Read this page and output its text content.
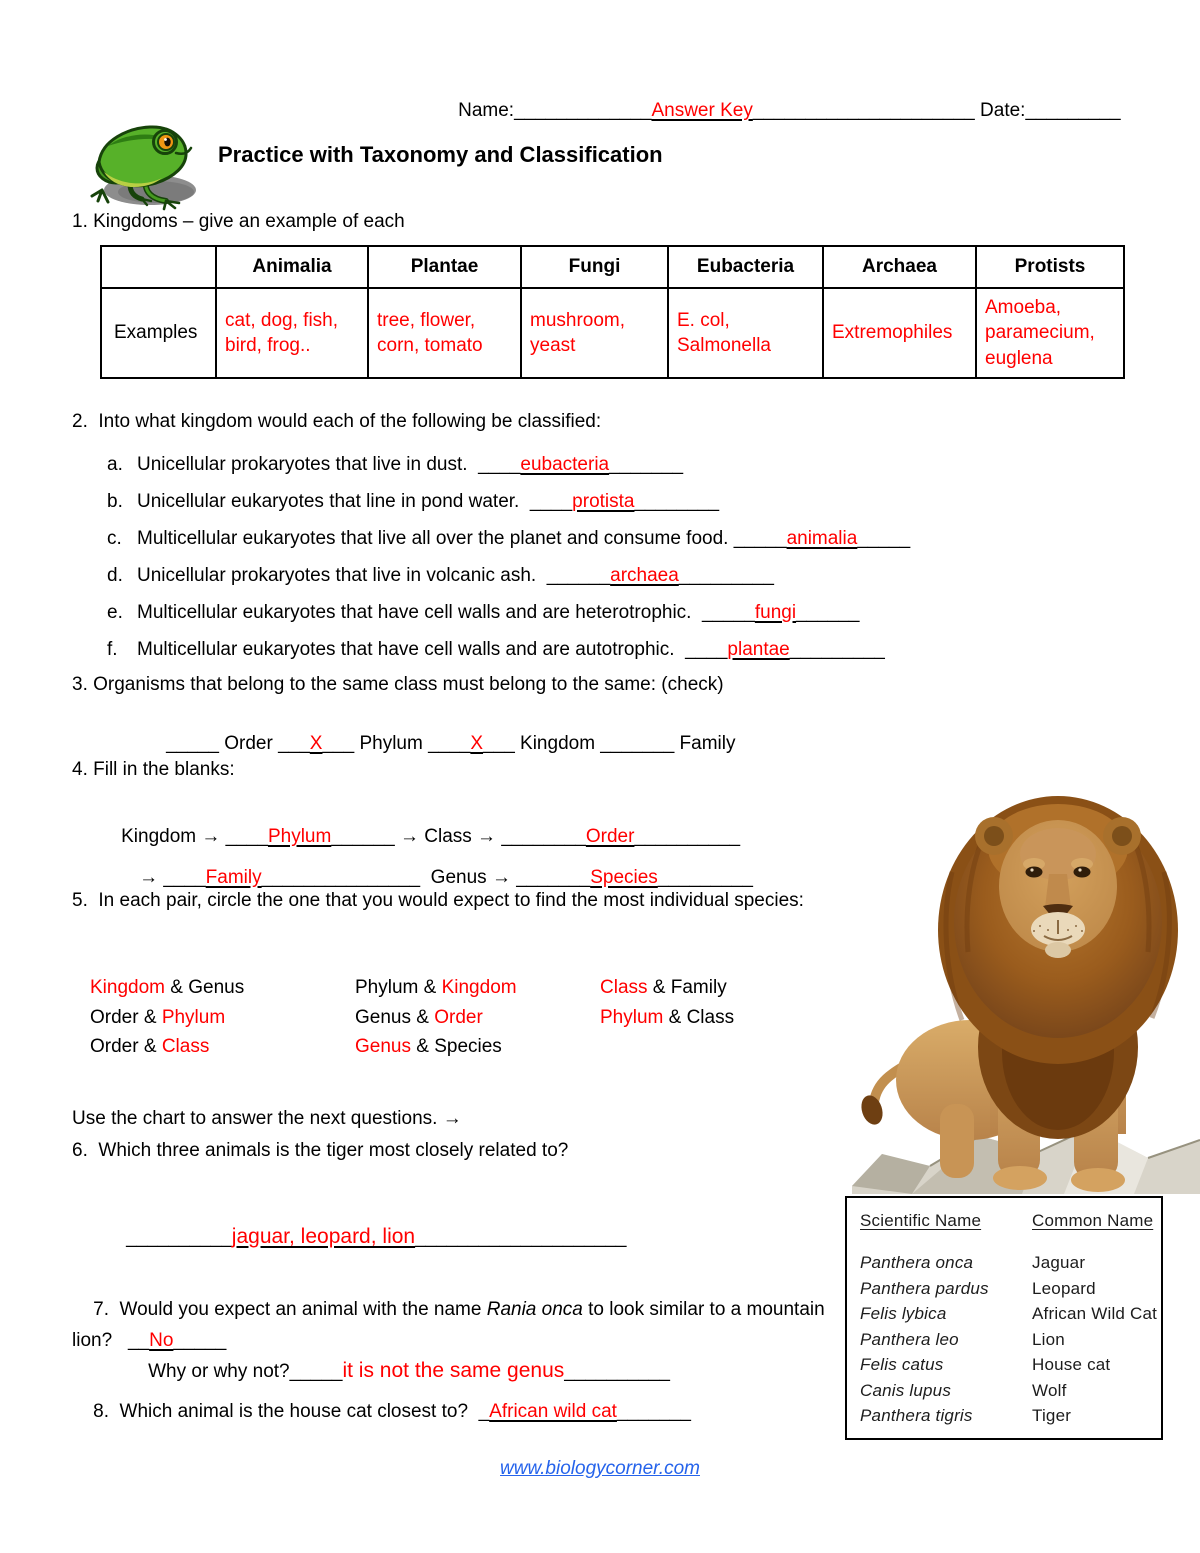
Name:_____________Answer Key_____________________ Date:_________

Practice with Taxonomy and Classification
1. Kingdoms – give an example of each
	Animalia	Plantae	Fungi	Eubacteria	Archaea	Protists
Examples	cat, dog, fish, bird, frog..	tree, flower, corn, tomato	mushroom, yeast	E. col, Salmonella	Extremophiles	Amoeba, paramecium, euglena
2.  Into what kingdom would each of the following be classified:
a. Unicellular prokaryotes that live in dust.  ____eubacteria_______
b. Unicellular eukaryotes that line in pond water.  ____protista________
c. Multicellular eukaryotes that live all over the planet and consume food. _____animalia_____
d. Unicellular prokaryotes that live in volcanic ash.  ______archaea_________
e. Multicellular eukaryotes that have cell walls and are heterotrophic.  _____fungi______
f. Multicellular eukaryotes that have cell walls and are autotrophic.  ____plantae_________
3. Organisms that belong to the same class must belong to the same: (check)

_____ Order ___X___ Phylum ____X___ Kingdom _______ Family

4. Fill in the blanks:

Kingdom → ____Phylum______ → Class → ________Order__________

→ ____Family_______________  Genus → _______Species_________

5.  In each pair, circle the one that you would expect to find the most individual species:
Kingdom & Genus
Order & Phylum
Order & Class
Phylum & Kingdom
Genus & Order
Genus & Species
Class & Family
Phylum & Class
Use the chart to answer the next questions. →
6.  Which three animals is the tiger most closely related to?

__________jaguar, leopard, lion____________________

7.  Would you expect an animal with the name Rania onca to look similar to a mountain lion?   __No_____

Why or why not?_____it is not the same genus__________

8.  Which animal is the house cat closest to?  _African wild cat_______

Scientific Name	Common Name
Panthera onca	Jaguar
Panthera pardus	Leopard
Felis lybica	African Wild Cat
Panthera leo	Lion
Felis catus	House cat
Canis lupus	Wolf
Panthera tigris	Tiger
www.biologycorner.com
